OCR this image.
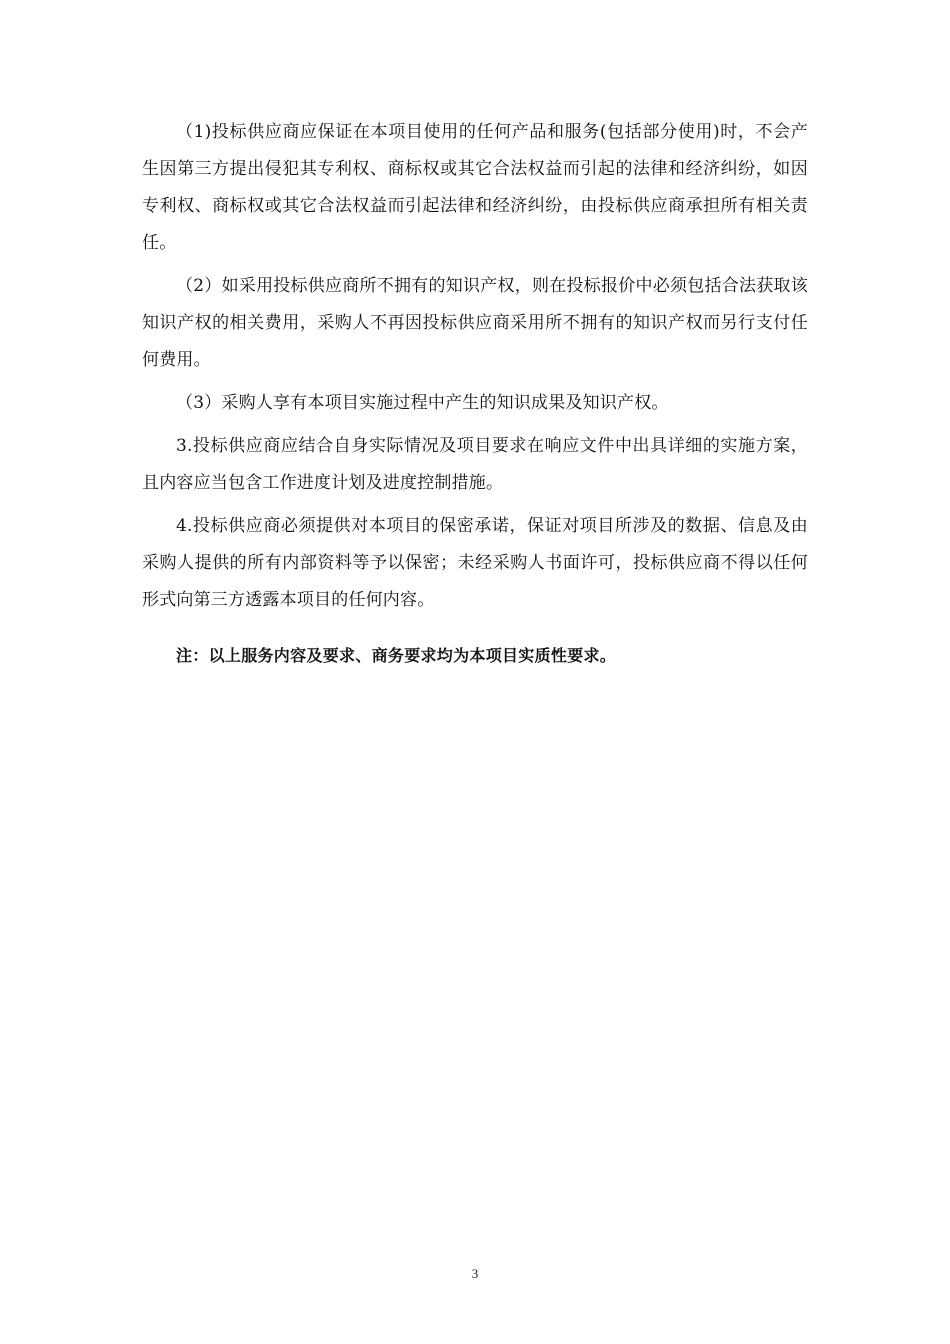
（1)投标供应商应保证在本项目使用的任何产品和服务(包括部分使用)时，不会产生因第三方提出侵犯其专利权、商标权或其它合法权益而引起的法律和经济纠纷，如因专利权、商标权或其它合法权益而引起法律和经济纠纷，由投标供应商承担所有相关责任。

（2）如采用投标供应商所不拥有的知识产权，则在投标报价中必须包括合法获取该知识产权的相关费用，采购人不再因投标供应商采用所不拥有的知识产权而另行支付任何费用。

（3）采购人享有本项目实施过程中产生的知识成果及知识产权。

3.投标供应商应结合自身实际情况及项目要求在响应文件中出具详细的实施方案，且内容应当包含工作进度计划及进度控制措施。

4.投标供应商必须提供对本项目的保密承诺，保证对项目所涉及的数据、信息及由采购人提供的所有内部资料等予以保密；未经采购人书面许可，投标供应商不得以任何形式向第三方透露本项目的任何内容。

注：以上服务内容及要求、商务要求均为本项目实质性要求。

3
